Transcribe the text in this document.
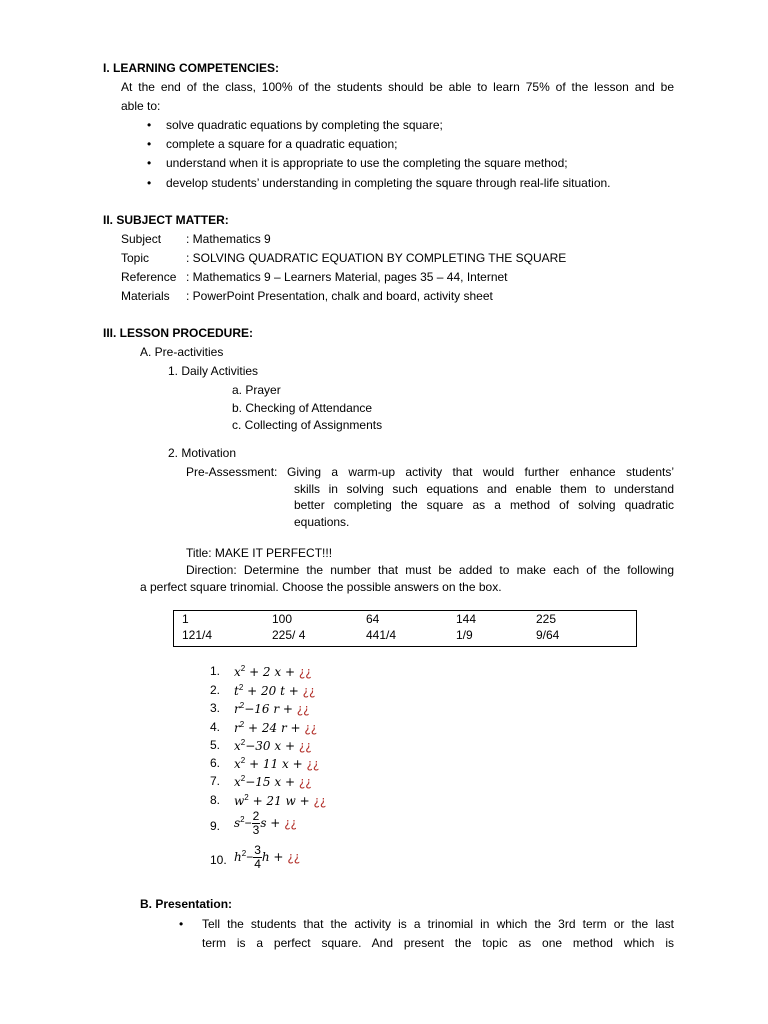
I. LEARNING COMPETENCIES:
At the end of the class, 100% of the students should be able to learn 75% of the lesson and be
able to:
• solve quadratic equations by completing the square;
• complete a square for a quadratic equation;
• understand when it is appropriate to use the completing the square method;
• develop students’ understanding in completing the square through real-life situation.
II. SUBJECT MATTER:
Subject : Mathematics 9
Topic	: SOLVING QUADRATIC EQUATION BY COMPLETING THE SQUARE
Reference : Mathematics 9 – Learners Material, pages 35 – 44, Internet
Materials : PowerPoint Presentation, chalk and board, activity sheet
III. LESSON PROCEDURE:
A. Pre-activities
1. Daily Activities
a. Prayer
b. Checking of Attendance
c. Collecting of Assignments
2. Motivation
Pre-Assessment: Giving a warm-up activity that would further enhance students’
skills in solving such equations and enable them to understand
better completing the square as a method of solving quadratic
equations.
Title: MAKE IT PERFECT!!!
Direction: Determine the number that must be added to make each of the following
a perfect square trinomial. Choose the possible answers on the box.
1	100	64	144	225
121/4	225/ 4	441/4	1/9	9/64
1. $x^2 + 2$ x + ¿¿
2. $t^2 + 20$ t + ¿¿
3. $r^2-16$ r + ¿¿
4. $r^2 + 24$ r + ¿¿
5. $x^2-30$ x + ¿¿
6. $x^2 + 11$ x + ¿¿
7. $x^2-15$ x + ¿¿
8. $w^2 + 21$ w + ¿¿
9. $s^2- \frac{2}{3}$ s + ¿¿
10. $h^2- \frac{3}{4}$ h + ¿¿
B. Presentation:
• Tell the students that the activity is a trinomial in which the 3rd term or the last
term is a perfect square. And present the topic as one method which is
